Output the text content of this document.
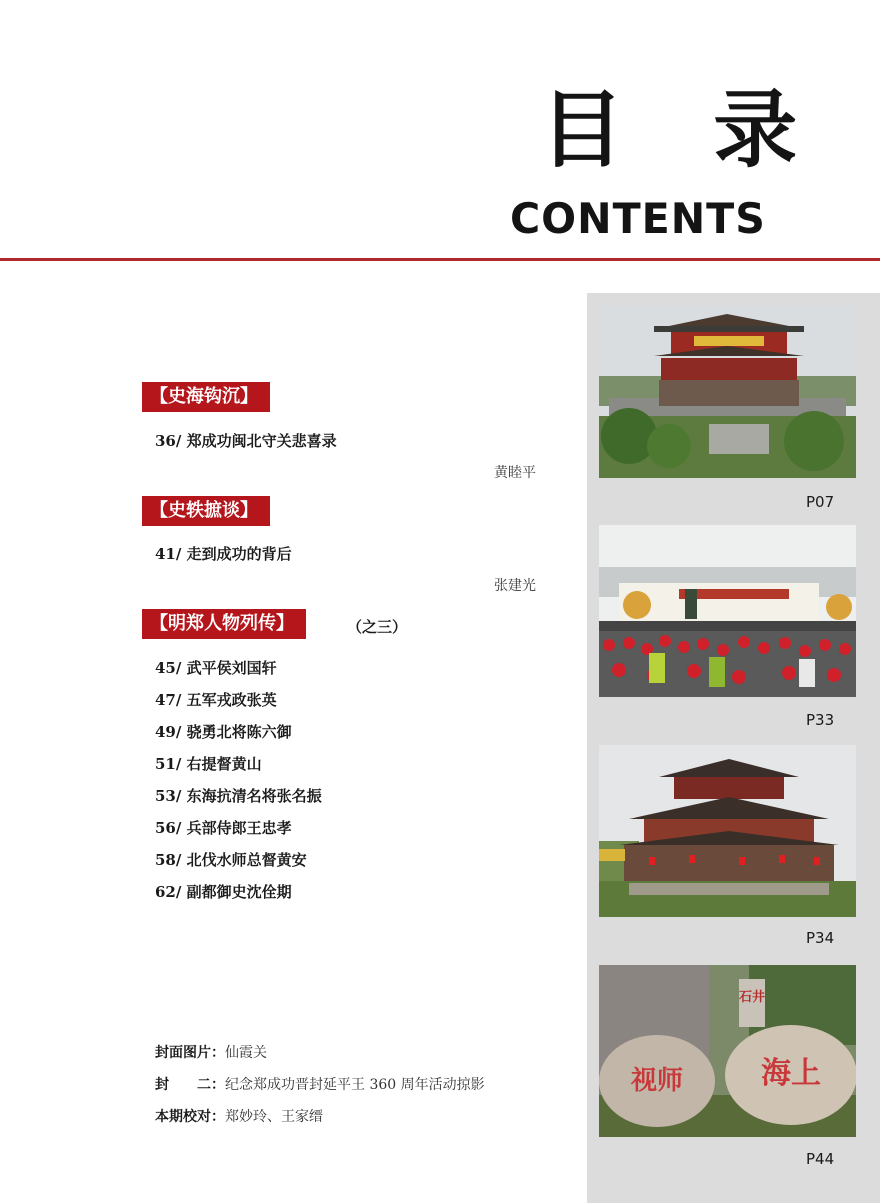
目 录
CONTENTS
【史海钩沉】
36/ 郑成功闽北守关悲喜录
黄睦平
【史轶摭谈】
41/ 走到成功的背后
张建光
【明郑人物列传】	（之三）
45/ 武平侯刘国轩
47/ 五军戎政张英
49/ 骁勇北将陈六御
51/ 右提督黄山
53/ 东海抗清名将张名振
56/ 兵部侍郎王忠孝
58/ 北伐水师总督黄安
62/ 副都御史沈佺期
封面图片：仙霞关
封　　二：纪念郑成功晋封延平王 360 周年活动掠影
本期校对：郑妙玲、王家缙
P07
P33
P34
石井
海上
视师
P44
